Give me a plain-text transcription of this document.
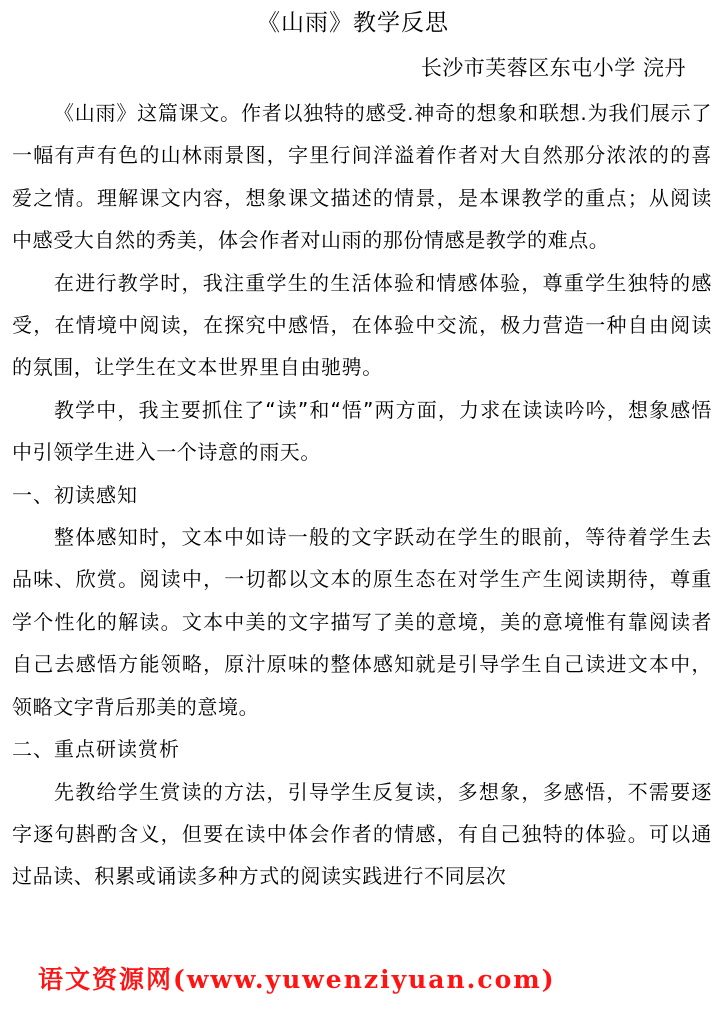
《山雨》教学反思
长沙市芙蓉区东屯小学 浣丹

《山雨》这篇课文。作者以独特的感受.神奇的想象和联想.为我们展示了一幅有声有色的山林雨景图，字里行间洋溢着作者对大自然那分浓浓的的喜爱之情。理解课文内容，想象课文描述的情景，是本课教学的重点；从阅读中感受大自然的秀美，体会作者对山雨的那份情感是教学的难点。

在进行教学时，我注重学生的生活体验和情感体验，尊重学生独特的感受，在情境中阅读，在探究中感悟，在体验中交流，极力营造一种自由阅读的氛围，让学生在文本世界里自由驰骋。

教学中，我主要抓住了“读”和“悟”两方面，力求在读读吟吟，想象感悟中引领学生进入一个诗意的雨天。

一、初读感知

整体感知时，文本中如诗一般的文字跃动在学生的眼前，等待着学生去品味、欣赏。阅读中，一切都以文本的原生态在对学生产生阅读期待，尊重学个性化的解读。文本中美的文字描写了美的意境，美的意境惟有靠阅读者自己去感悟方能领略，原汁原味的整体感知就是引导学生自己读进文本中，领略文字背后那美的意境。

二、重点研读赏析

先教给学生赏读的方法，引导学生反复读，多想象，多感悟，不需要逐字逐句斟酌含义，但要在读中体会作者的情感，有自己独特的体验。可以通过品读、积累或诵读多种方式的阅读实践进行不同层次

语文资源网(www.yuwenziyuan.com)
